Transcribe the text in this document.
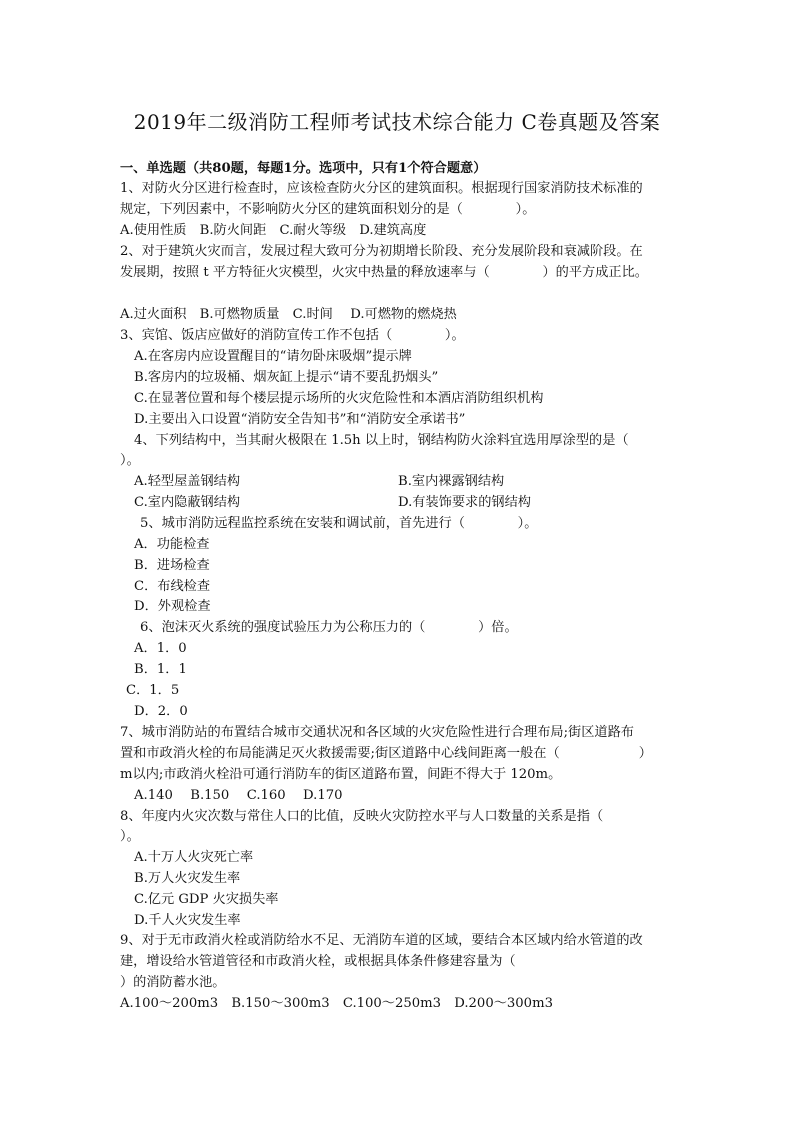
2019年二级消防工程师考试技术综合能力 C卷真题及答案
一、单选题（共80题，每题1分。选项中，只有1个符合题意）
1、对防火分区进行检查时，应该检查防火分区的建筑面积。根据现行国家消防技术标准的
规定，下列因素中，不影响防火分区的建筑面积划分的是（　　　　）。
A.使用性质　B.防火间距　C.耐火等级　D.建筑高度
2、对于建筑火灾而言，发展过程大致可分为初期增长阶段、充分发展阶段和衰减阶段。在
发展期，按照 t 平方特征火灾模型，火灾中热量的释放速率与（　　　　）的平方成正比。
A.过火面积　B.可燃物质量　C.时间　 D.可燃物的燃烧热
3、宾馆、饭店应做好的消防宣传工作不包括（　　　　）。
A.在客房内应设置醒目的“请勿卧床吸烟”提示牌
B.客房内的垃圾桶、烟灰缸上提示“请不要乱扔烟头”
C.在显著位置和每个楼层提示场所的火灾危险性和本酒店消防组织机构
D.主要出入口设置“消防安全告知书”和“消防安全承诺书”
4、下列结构中，当其耐火极限在 1.5h 以上时，钢结构防火涂料宜选用厚涂型的是（
）。
A.轻型屋盖钢结构	B.室内裸露钢结构
C.室内隐蔽钢结构	D.有装饰要求的钢结构
5、城市消防远程监控系统在安装和调试前，首先进行（　　　　）。
A．功能检查
B．进场检查
C．布线检查
D．外观检查
6、泡沫灭火系统的强度试验压力为公称压力的（　　　　）倍。
A．1．0
B．1．1
C．1．5
D．2．0
7、城市消防站的布置结合城市交通状况和各区域的火灾危险性进行合理布局;街区道路布
置和市政消火栓的布局能满足灭火救援需要;街区道路中心线间距离一般在（　　　　　　）
m以内;市政消火栓沿可通行消防车的街区道路布置，间距不得大于 120m。
A.140　 B.150　 C.160　 D.170
8、年度内火灾次数与常住人口的比值，反映火灾防控水平与人口数量的关系是指（
）。
A.十万人火灾死亡率
B.万人火灾发生率
C.亿元 GDP 火灾损失率
D.千人火灾发生率
9、对于无市政消火栓或消防给水不足、无消防车道的区域，要结合本区域内给水管道的改
建，增设给水管道管径和市政消火栓，或根据具体条件修建容量为（
）的消防蓄水池。
A.100～200m3　B.150～300m3　C.100～250m3　D.200～300m3
